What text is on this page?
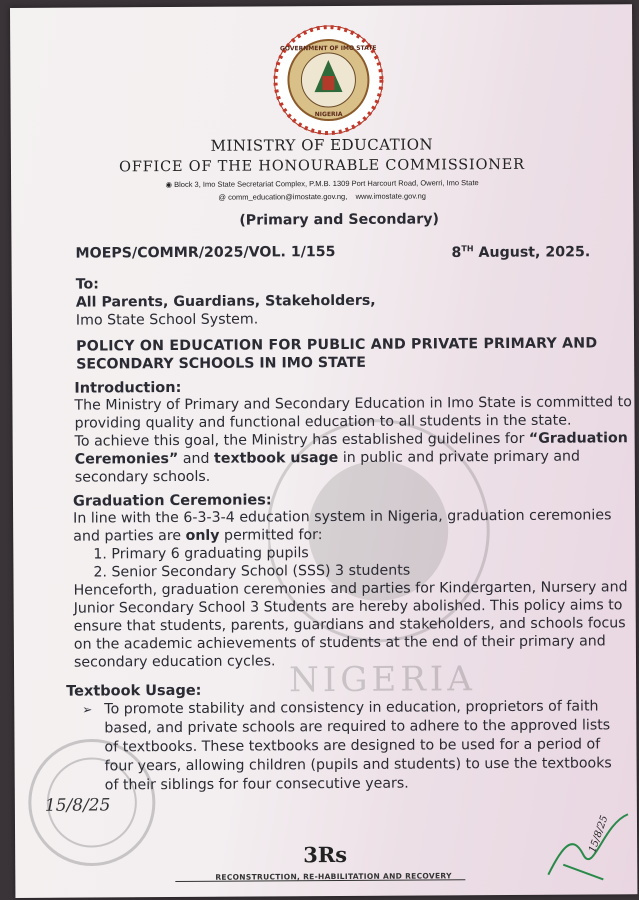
NIGERIA
15/8/25
GOVERNMENT OF IMO STATE
NIGERIA
MINISTRY OF EDUCATION
OFFICE OF THE HONOURABLE COMMISSIONER
◉ Block 3, Imo State Secretariat Complex, P.M.B. 1309 Port Harcourt Road, Owerri, Imo State
@ comm_education@imostate.gov.ng, www.imostate.gov.ng
(Primary and Secondary)
MOEPS/COMMR/2025/VOL. 1/155	8TH August, 2025.
To:
All Parents, Guardians, Stakeholders,
Imo State School System.
POLICY ON EDUCATION FOR PUBLIC AND PRIVATE PRIMARY AND
SECONDARY SCHOOLS IN IMO STATE
Introduction:
The Ministry of Primary and Secondary Education in Imo State is committed to
providing quality and functional education to all students in the state.
To achieve this goal, the Ministry has established guidelines for “Graduation
Ceremonies” and textbook usage in public and private primary and
secondary schools.
Graduation Ceremonies:
In line with the 6-3-3-4 education system in Nigeria, graduation ceremonies
and parties are only permitted for:
1. Primary 6 graduating pupils
2. Senior Secondary School (SSS) 3 students
Henceforth, graduation ceremonies and parties for Kindergarten, Nursery and
Junior Secondary School 3 Students are hereby abolished. This policy aims to
ensure that students, parents, guardians and stakeholders, and schools focus
on the academic achievements of students at the end of their primary and
secondary education cycles.
Textbook Usage:
➢ To promote stability and consistency in education, proprietors of faith
based, and private schools are required to adhere to the approved lists
of textbooks. These textbooks are designed to be used for a period of
four years, allowing children (pupils and students) to use the textbooks
of their siblings for four consecutive years.
15/8/25
3Rs
RECONSTRUCTION, RE-HABILITATION AND RECOVERY
